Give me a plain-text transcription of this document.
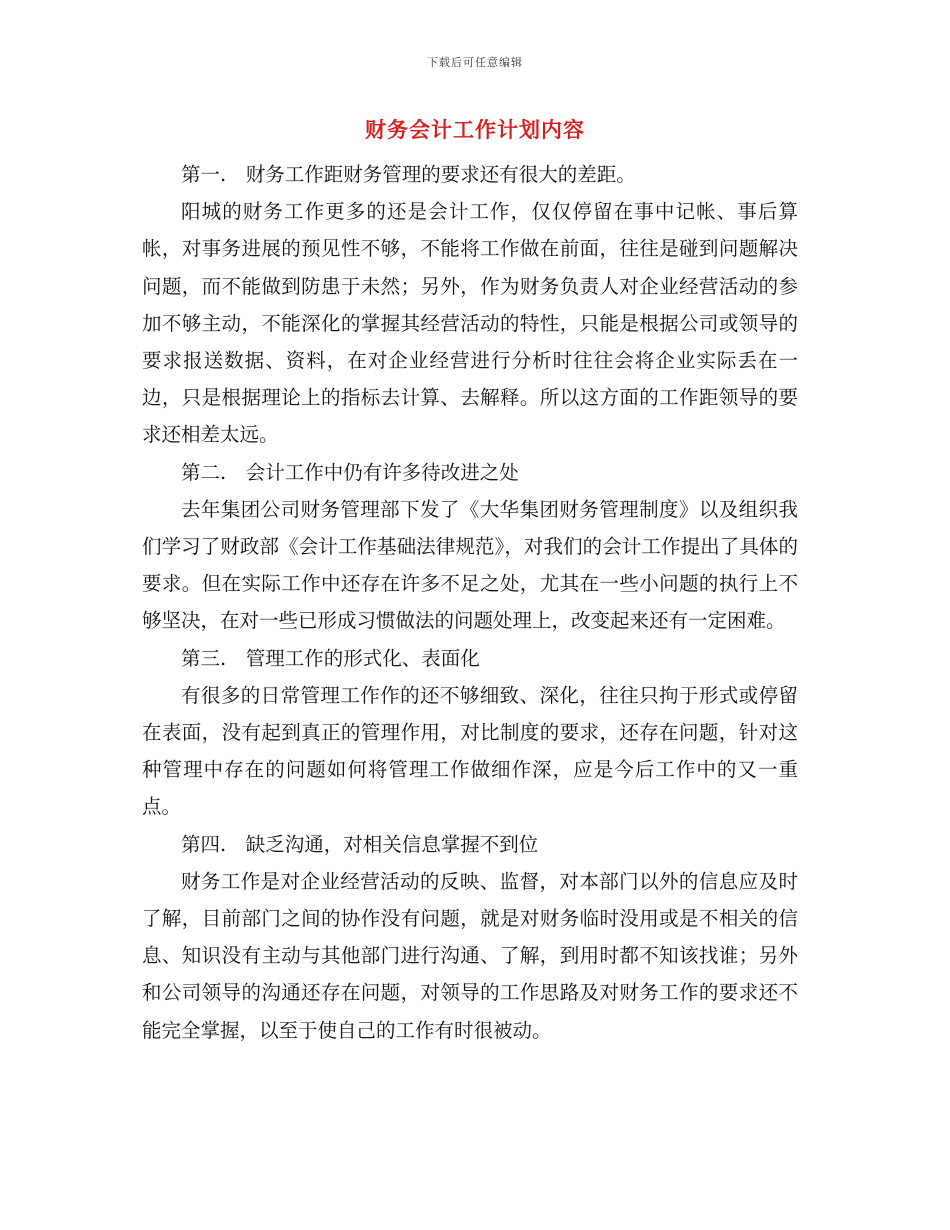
下载后可任意编辑
财务会计工作计划内容

第一.　财务工作距财务管理的要求还有很大的差距。

阳城的财务工作更多的还是会计工作，仅仅停留在事中记帐、事后算帐，对事务进展的预见性不够，不能将工作做在前面，往往是碰到问题解决问题，而不能做到防患于未然；另外，作为财务负责人对企业经营活动的参加不够主动，不能深化的掌握其经营活动的特性，只能是根据公司或领导的要求报送数据、资料，在对企业经营进行分析时往往会将企业实际丢在一边，只是根据理论上的指标去计算、去解释。所以这方面的工作距领导的要求还相差太远。

第二.　会计工作中仍有许多待改进之处

去年集团公司财务管理部下发了《大华集团财务管理制度》以及组织我们学习了财政部《会计工作基础法律规范》，对我们的会计工作提出了具体的要求。但在实际工作中还存在许多不足之处，尤其在一些小问题的执行上不够坚决，在对一些已形成习惯做法的问题处理上，改变起来还有一定困难。

第三.　管理工作的形式化、表面化

有很多的日常管理工作作的还不够细致、深化，往往只拘于形式或停留在表面，没有起到真正的管理作用，对比制度的要求，还存在问题，针对这种管理中存在的问题如何将管理工作做细作深，应是今后工作中的又一重点。

第四.　缺乏沟通，对相关信息掌握不到位

财务工作是对企业经营活动的反映、监督，对本部门以外的信息应及时了解，目前部门之间的协作没有问题，就是对财务临时没用或是不相关的信息、知识没有主动与其他部门进行沟通、了解，到用时都不知该找谁；另外和公司领导的沟通还存在问题，对领导的工作思路及对财务工作的要求还不能完全掌握，以至于使自己的工作有时很被动。
